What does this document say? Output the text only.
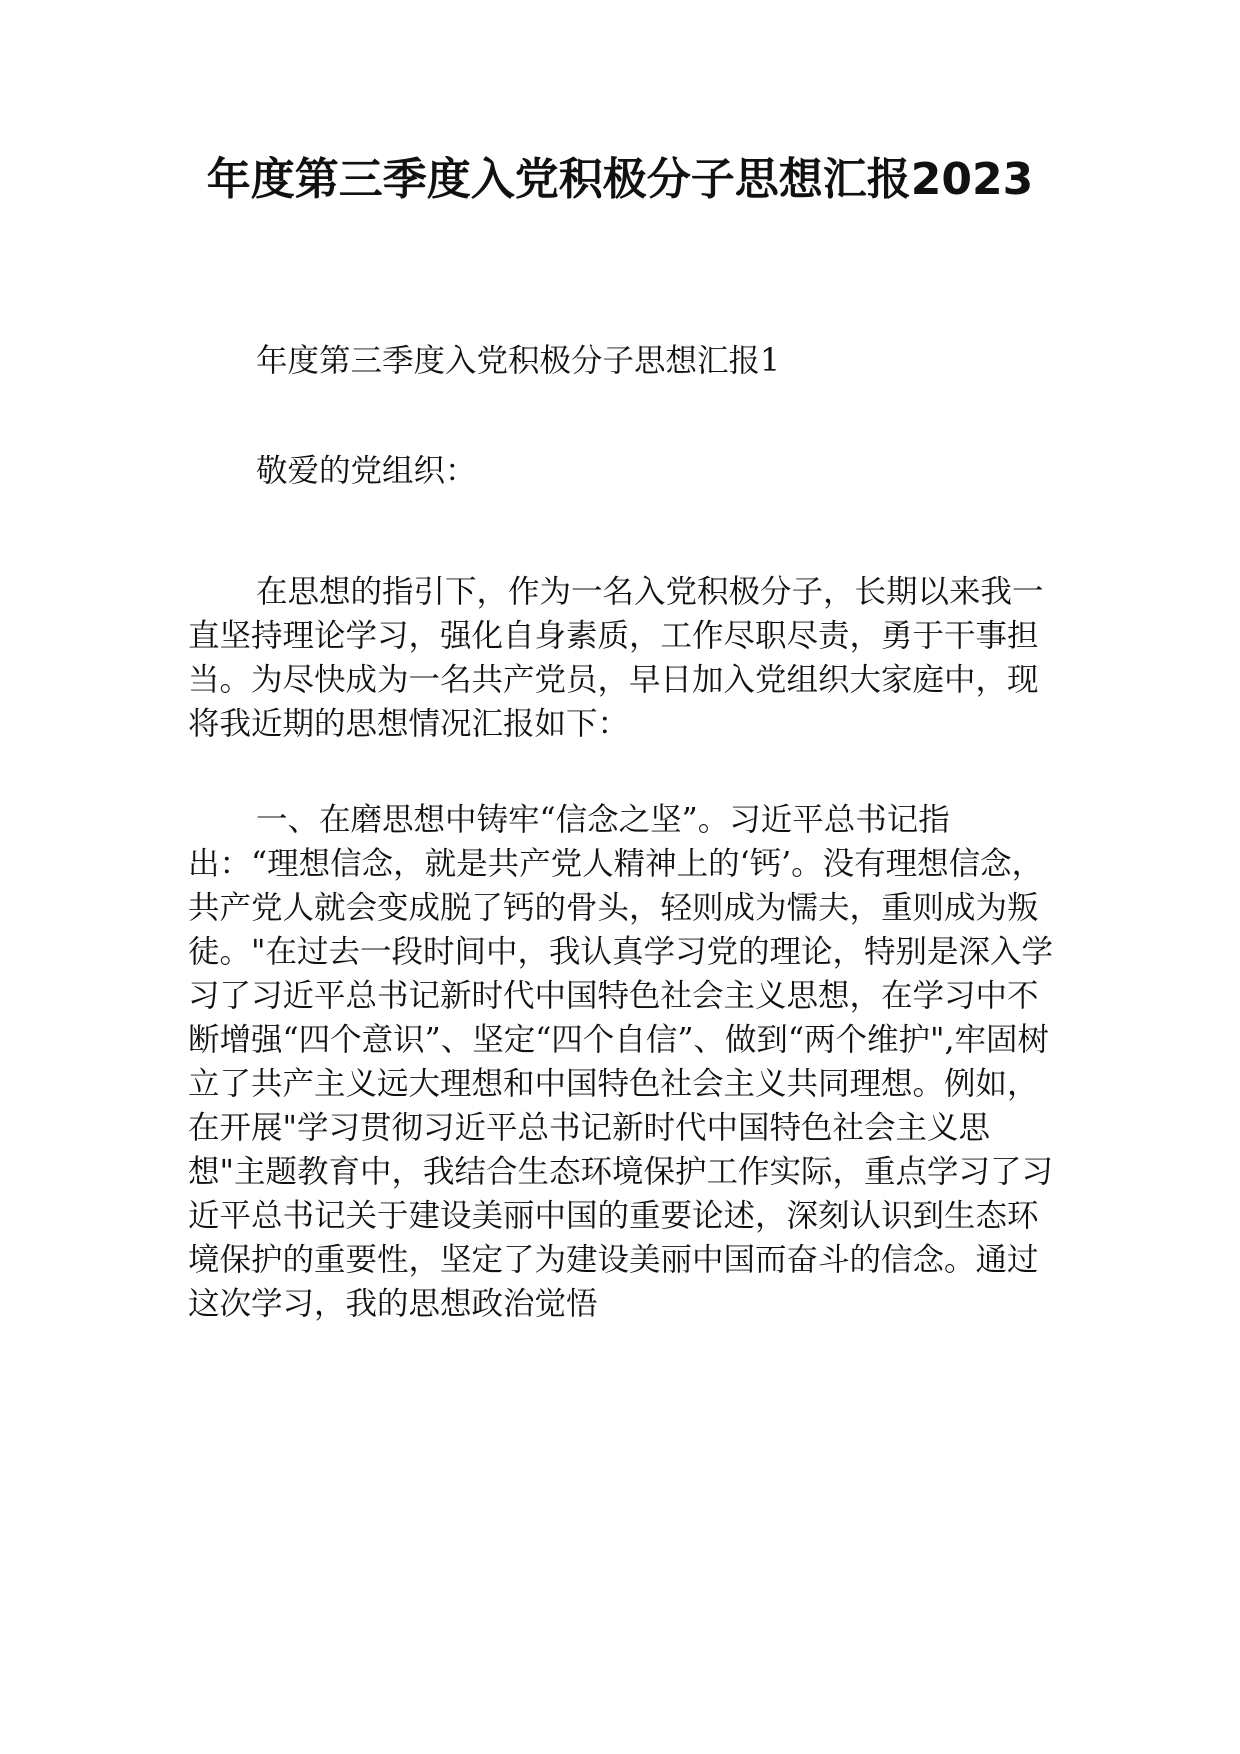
年度第三季度入党积极分子思想汇报2023

年度第三季度入党积极分子思想汇报1

敬爱的党组织：

在思想的指引下，作为一名入党积极分子，长期以来我一直坚持理论学习，强化自身素质，工作尽职尽责，勇于干事担当。为尽快成为一名共产党员，早日加入党组织大家庭中，现将我近期的思想情况汇报如下：

一、在磨思想中铸牢“信念之坚”。习近平总书记指出：“理想信念，就是共产党人精神上的‘钙’。没有理想信念，共产党人就会变成脱了钙的骨头，轻则成为懦夫，重则成为叛徒。"在过去一段时间中，我认真学习党的理论，特别是深入学习了习近平总书记新时代中国特色社会主义思想，在学习中不断增强“四个意识”、坚定“四个自信”、做到“两个维护",牢固树立了共产主义远大理想和中国特色社会主义共同理想。例如，在开展"学习贯彻习近平总书记新时代中国特色社会主义思想"主题教育中，我结合生态环境保护工作实际，重点学习了习近平总书记关于建设美丽中国的重要论述，深刻认识到生态环境保护的重要性，坚定了为建设美丽中国而奋斗的信念。通过这次学习，我的思想政治觉悟
